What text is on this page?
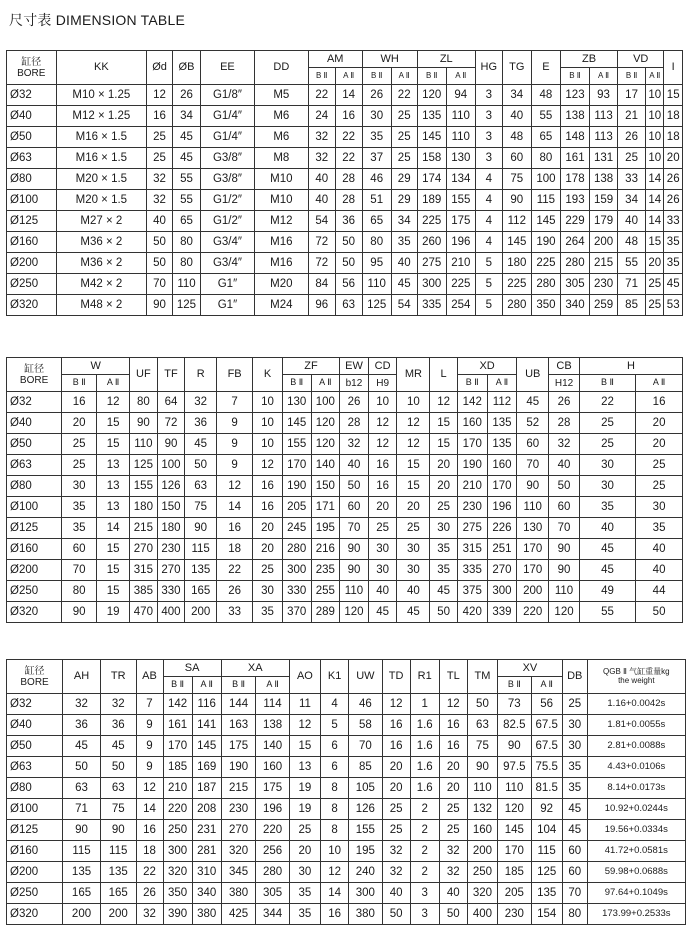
尺寸表 DIMENSION TABLE
缸径
BORE	KK	Ød	ØB	EE	DD	AM		WH		ZL		HG	TG	E	ZB		VD		I
						B Ⅱ	A Ⅱ	B Ⅱ	A Ⅱ	B Ⅱ	A Ⅱ				B Ⅱ	A Ⅱ	B Ⅱ	A Ⅱ	
Ø32	M10 × 1.25	12	26	G1/8″	M5	22	14	26	22	120	94	3	34	48	123	93	17	10	15
Ø40	M12 × 1.25	16	34	G1/4″	M6	24	16	30	25	135	110	3	40	55	138	113	21	10	18
Ø50	M16 × 1.5	25	45	G1/4″	M6	32	22	35	25	145	110	3	48	65	148	113	26	10	18
Ø63	M16 × 1.5	25	45	G3/8″	M8	32	22	37	25	158	130	3	60	80	161	131	25	10	20
Ø80	M20 × 1.5	32	55	G3/8″	M10	40	28	46	29	174	134	4	75	100	178	138	33	14	26
Ø100	M20 × 1.5	32	55	G1/2″	M10	40	28	51	29	189	155	4	90	115	193	159	34	14	26
Ø125	M27 × 2	40	65	G1/2″	M12	54	36	65	34	225	175	4	112	145	229	179	40	14	33
Ø160	M36 × 2	50	80	G3/4″	M16	72	50	80	35	260	196	4	145	190	264	200	48	15	35
Ø200	M36 × 2	50	80	G3/4″	M16	72	50	95	40	275	210	5	180	225	280	215	55	20	35
Ø250	M42 × 2	70	110	G1″	M20	84	56	110	45	300	225	5	225	280	305	230	71	25	45
Ø320	M48 × 2	90	125	G1″	M24	96	63	125	54	335	254	5	280	350	340	259	85	25	53
缸径
BORE	W		UF	TF	R	FB	K	ZF		EW	CD	MR	L	XD		UB	CB	H	
	B Ⅱ	A Ⅱ						B Ⅱ	A Ⅱ	b12	H9			B Ⅱ	A Ⅱ		H12	B Ⅱ	A Ⅱ
Ø32	16	12	80	64	32	7	10	130	100	26	10	10	12	142	112	45	26	22	16
Ø40	20	15	90	72	36	9	10	145	120	28	12	12	15	160	135	52	28	25	20
Ø50	25	15	110	90	45	9	10	155	120	32	12	12	15	170	135	60	32	25	20
Ø63	25	13	125	100	50	9	12	170	140	40	16	15	20	190	160	70	40	30	25
Ø80	30	13	155	126	63	12	16	190	150	50	16	15	20	210	170	90	50	30	25
Ø100	35	13	180	150	75	14	16	205	171	60	20	20	25	230	196	110	60	35	30
Ø125	35	14	215	180	90	16	20	245	195	70	25	25	30	275	226	130	70	40	35
Ø160	60	15	270	230	115	18	20	280	216	90	30	30	35	315	251	170	90	45	40
Ø200	70	15	315	270	135	22	25	300	235	90	30	30	35	335	270	170	90	45	40
Ø250	80	15	385	330	165	26	30	330	255	110	40	40	45	375	300	200	110	49	44
Ø320	90	19	470	400	200	33	35	370	289	120	45	45	50	420	339	220	120	55	50
缸径
BORE	AH	TR	AB	SA		XA		AO	K1	UW	TD	R1	TL	TM	XV		DB	QGB Ⅱ 气缸重量kg
the weight
				B Ⅱ	A Ⅱ	B Ⅱ	A Ⅱ								B Ⅱ	A Ⅱ		
Ø32	32	32	7	142	116	144	114	11	4	46	12	1	12	50	73	56	25	1.16+0.0042s
Ø40	36	36	9	161	141	163	138	12	5	58	16	1.6	16	63	82.5	67.5	30	1.81+0.0055s
Ø50	45	45	9	170	145	175	140	15	6	70	16	1.6	16	75	90	67.5	30	2.81+0.0088s
Ø63	50	50	9	185	169	190	160	13	6	85	20	1.6	20	90	97.5	75.5	35	4.43+0.0106s
Ø80	63	63	12	210	187	215	175	19	8	105	20	1.6	20	110	110	81.5	35	8.14+0.0173s
Ø100	71	75	14	220	208	230	196	19	8	126	25	2	25	132	120	92	45	10.92+0.0244s
Ø125	90	90	16	250	231	270	220	25	8	155	25	2	25	160	145	104	45	19.56+0.0334s
Ø160	115	115	18	300	281	320	256	20	10	195	32	2	32	200	170	115	60	41.72+0.0581s
Ø200	135	135	22	320	310	345	280	30	12	240	32	2	32	250	185	125	60	59.98+0.0688s
Ø250	165	165	26	350	340	380	305	35	14	300	40	3	40	320	205	135	70	97.64+0.1049s
Ø320	200	200	32	390	380	425	344	35	16	380	50	3	50	400	230	154	80	173.99+0.2533s
